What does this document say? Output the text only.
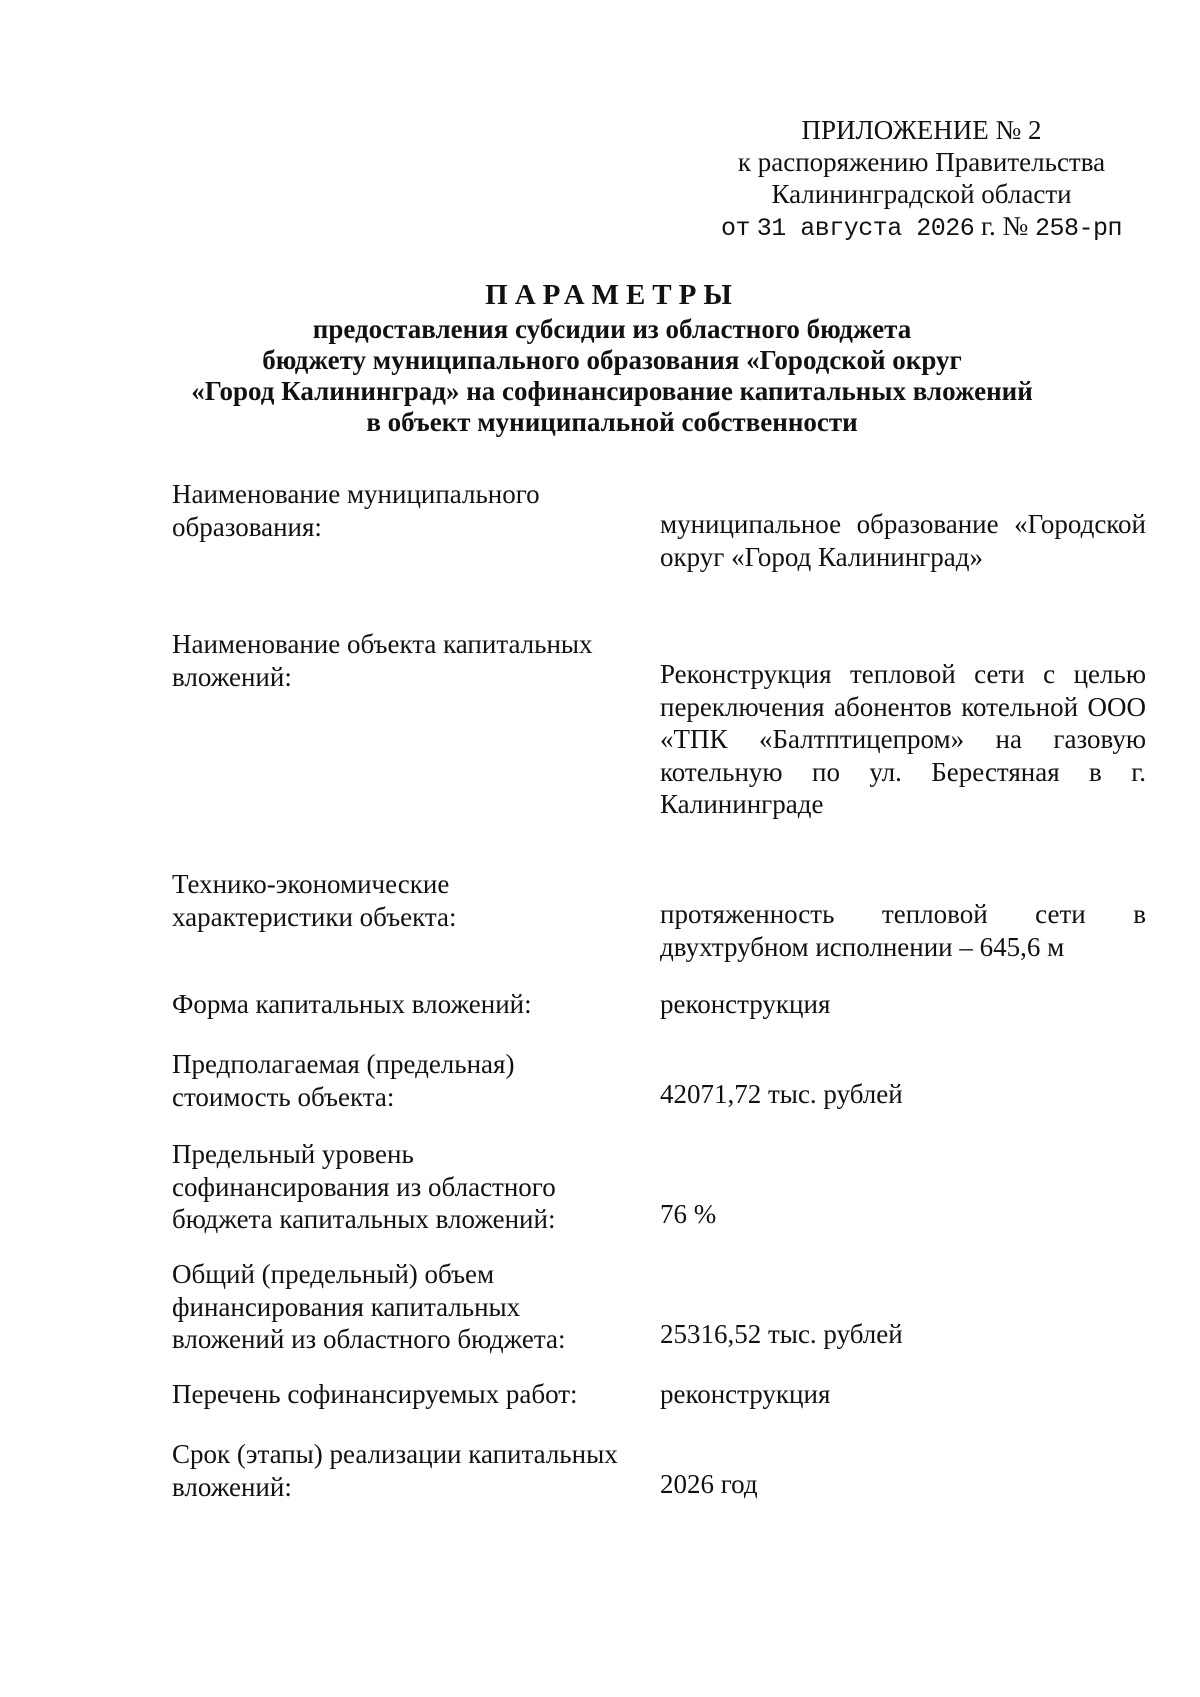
ПРИЛОЖЕНИЕ № 2
к распоряжению Правительства
Калининградской области
от 31 августа 2026 г. № 258-рп
ПАРАМЕТРЫ
предоставления субсидии из областного бюджета
бюджету муниципального образования «Городской округ
«Город Калининград» на софинансирование капитальных вложений
в объект муниципальной собственности
Наименование муниципального
образования:	муниципальное образование «Городской округ «Город Калининград»
Наименование объекта капитальных
вложений:	Реконструкция тепловой сети с целью переключения абонентов котельной ООО «ТПК «Балтптицепром» на газовую котельную по ул. Берестяная в г. Калининграде
Технико-экономические
характеристики объекта:	протяженность тепловой сети в двухтрубном исполнении – 645,6 м
Форма капитальных вложений:	реконструкция
Предполагаемая (предельная)
стоимость объекта:	42071,72 тыс. рублей
Предельный уровень
софинансирования из областного
бюджета капитальных вложений:	76 %
Общий (предельный) объем
финансирования капитальных
вложений из областного бюджета:	25316,52 тыс. рублей
Перечень софинансируемых работ:	реконструкция
Срок (этапы) реализации капитальных
вложений:	2026 год
